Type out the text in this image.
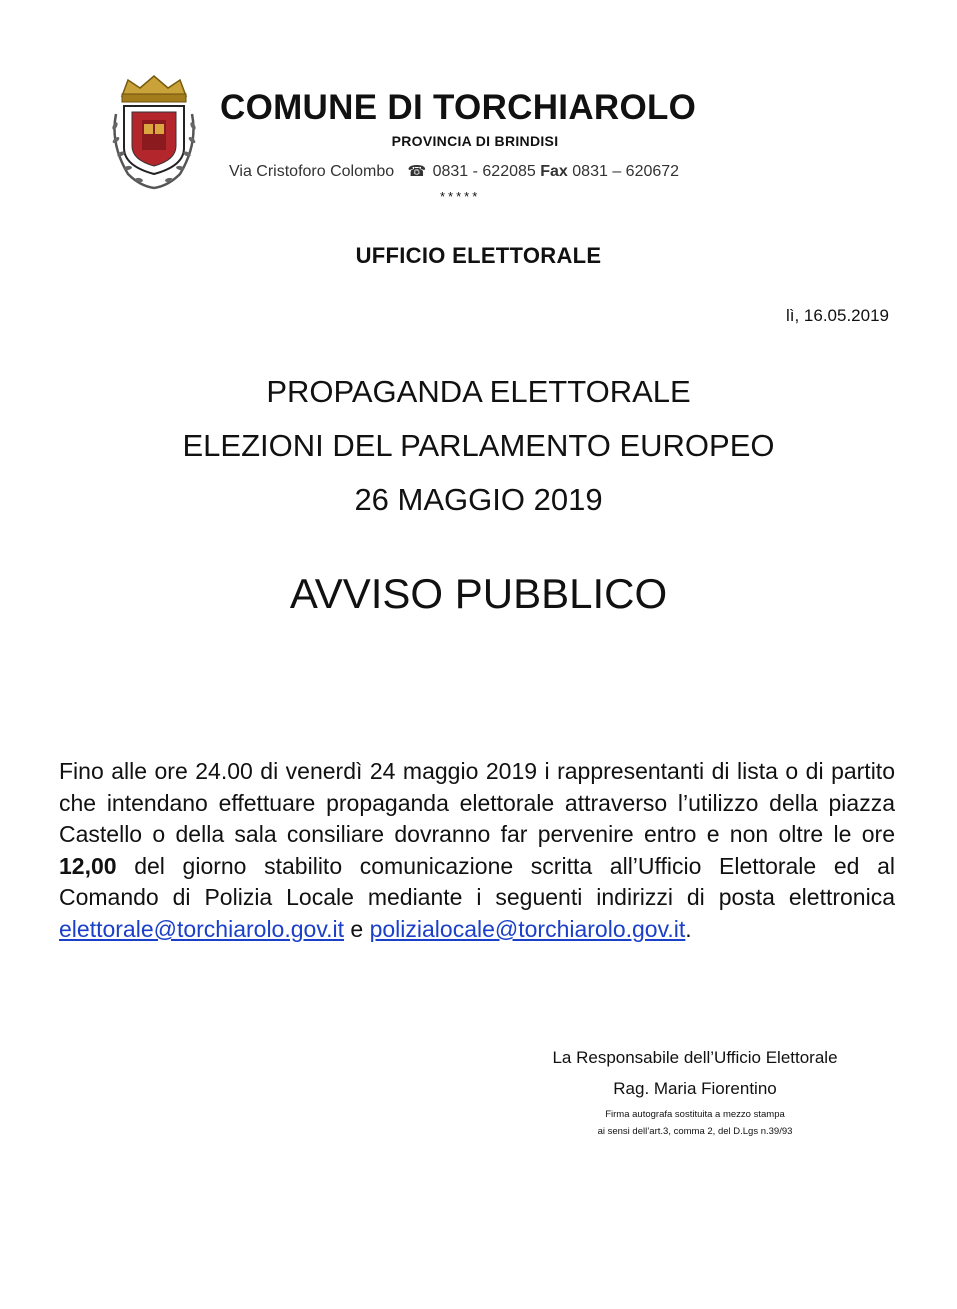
COMUNE DI TORCHIAROLO
PROVINCIA DI BRINDISI
Via Cristoforo Colombo ☎ 0831 - 622085 Fax 0831 – 620672
*****
UFFICIO ELETTORALE
lì, 16.05.2019
PROPAGANDA ELETTORALE
ELEZIONI DEL PARLAMENTO EUROPEO
26 MAGGIO 2019
AVVISO PUBBLICO
Fino alle ore 24.00 di venerdì 24 maggio 2019 i rappresentanti di lista o di partito che intendano effettuare propaganda elettorale attraverso l’utilizzo della piazza Castello o della sala consiliare dovranno far pervenire entro e non oltre le ore 12,00 del giorno stabilito comunicazione scritta all’Ufficio Elettorale ed al Comando di Polizia Locale mediante i seguenti indirizzi di posta elettronica elettorale@torchiarolo.gov.it e polizialocale@torchiarolo.gov.it.
La Responsabile dell’Ufficio Elettorale
Rag. Maria Fiorentino
Firma autografa sostituita a mezzo stampa
ai sensi dell’art.3, comma 2, del D.Lgs n.39/93
